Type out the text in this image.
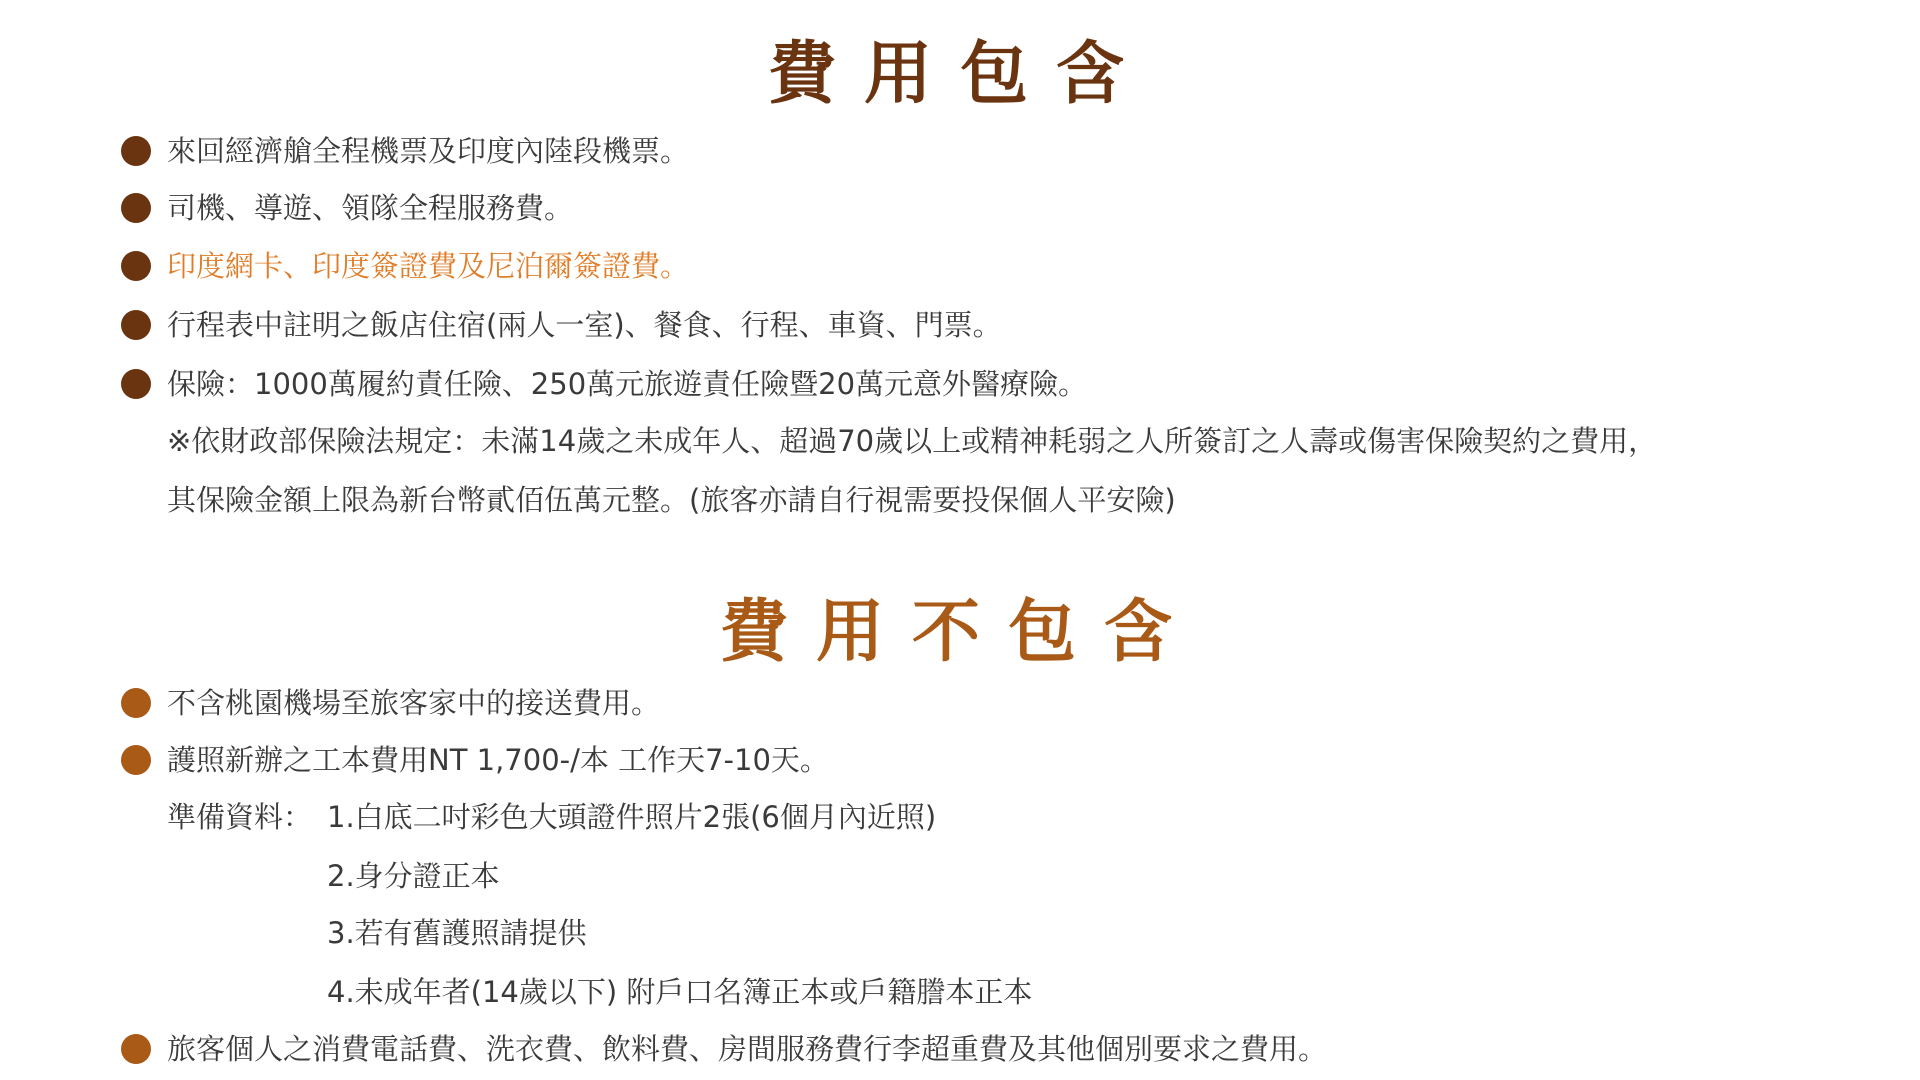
費用包含
來回經濟艙全程機票及印度內陸段機票。
司機、導遊、領隊全程服務費。
印度網卡、印度簽證費及尼泊爾簽證費。
行程表中註明之飯店住宿(兩人一室)、餐食、行程、車資、門票。
保險：1000萬履約責任險、250萬元旅遊責任險暨20萬元意外醫療險。
※依財政部保險法規定：未滿14歲之未成年人、超過70歲以上或精神耗弱之人所簽訂之人壽或傷害保險契約之費用，
其保險金額上限為新台幣貳佰伍萬元整。(旅客亦請自行視需要投保個人平安險)
費用不包含
不含桃園機場至旅客家中的接送費用。
護照新辦之工本費用NT 1,700-/本 工作天7-10天。
準備資料： 1.白底二吋彩色大頭證件照片2張(6個月內近照)
2.身分證正本
3.若有舊護照請提供
4.未成年者(14歲以下) 附戶口名簿正本或戶籍謄本正本
旅客個人之消費電話費、洗衣費、飲料費、房間服務費行李超重費及其他個別要求之費用。
